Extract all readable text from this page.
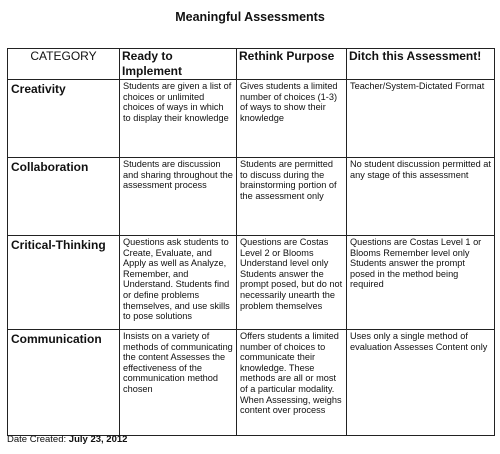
Meaningful Assessments
CATEGORY	Ready to Implement	Rethink Purpose	Ditch this Assessment!
Creativity	Students are given a list of choices or unlimited choices of ways in which to display their knowledge	Gives students a limited number of choices (1-3) of ways to show their knowledge	Teacher/System-Dictated Format
Collaboration	Students are discussion and sharing throughout the assessment process	Students are permitted to discuss during the brainstorming portion of the assessment only	No student discussion permitted at any stage of this assessment
Critical-Thinking	Questions ask students to Create, Evaluate, and Apply as well as Analyze, Remember, and Understand. Students find or define problems themselves, and use skills to pose solutions	Questions are Costas Level 2 or Blooms Understand level only Students answer the prompt posed, but do not necessarily unearth the problem themselves	Questions are Costas Level 1 or Blooms Remember level only Students answer the prompt posed in the method being required
Communication	Insists on a variety of methods of communicating the content Assesses the effectiveness of the communication method chosen	Offers students a limited number of choices to communicate their knowledge. These methods are all or most of a particular modality. When Assessing, weighs content over process	Uses only a single method of evaluation Assesses Content only
Date Created: July 23, 2012
